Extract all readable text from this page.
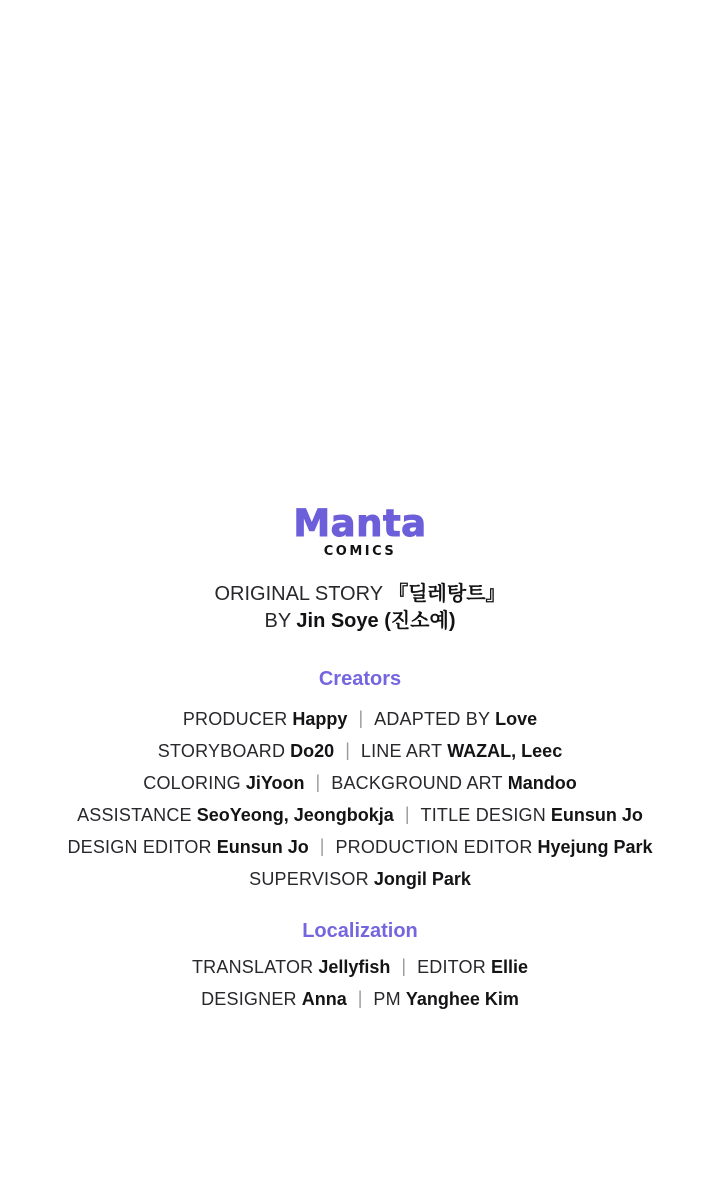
Manta
COMICS
ORIGINAL STORY 『딜레탕트』
BY Jin Soye (진소예)
Creators
PRODUCER Happy | ADAPTED BY Love
STORYBOARD Do20 | LINE ART WAZAL, Leec
COLORING JiYoon | BACKGROUND ART Mandoo
ASSISTANCE SeoYeong, Jeongbokja | TITLE DESIGN Eunsun Jo
DESIGN EDITOR Eunsun Jo | PRODUCTION EDITOR Hyejung Park
SUPERVISOR Jongil Park
Localization
TRANSLATOR Jellyfish | EDITOR Ellie
DESIGNER Anna | PM Yanghee Kim
